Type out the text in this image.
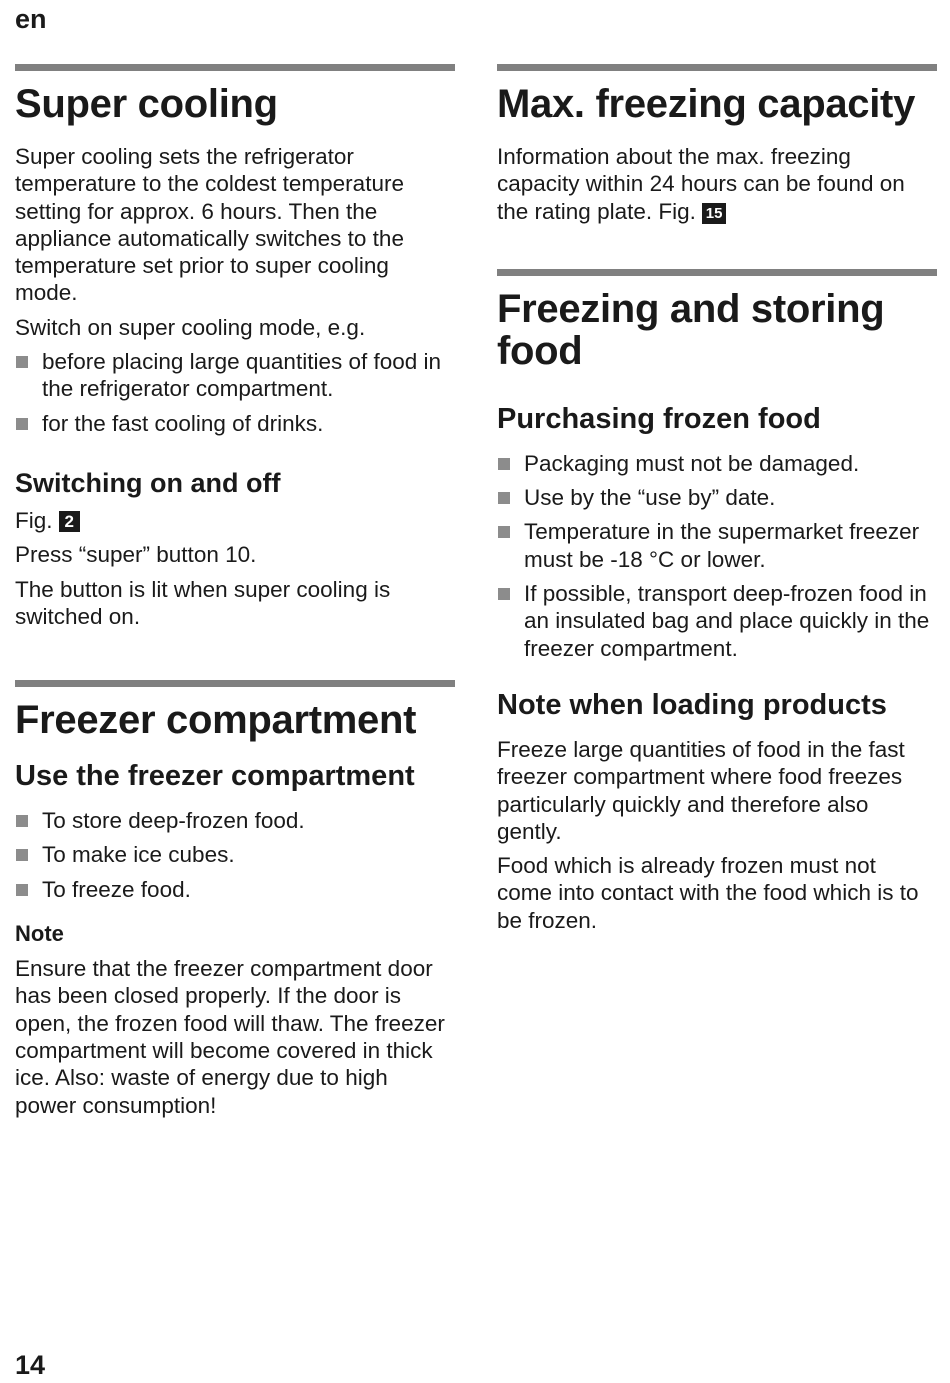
en
Super cooling

Super cooling sets the refrigerator temperature to the coldest temperature setting for approx. 6 hours. Then the appliance automatically switches to the temperature set prior to super cooling mode.

Switch on super cooling mode, e.g.

before placing large quantities of food in the refrigerator compartment.
for the fast cooling of drinks.
Switching on and off

Fig. 2

Press “super” button 10.

The button is lit when super cooling is switched on.

Freezer compartment
Use the freezer compartment
To store deep-frozen food.
To make ice cubes.
To freeze food.
Note

Ensure that the freezer compartment door has been closed properly. If the door is open, the frozen food will thaw. The freezer compartment will become covered in thick ice. Also: waste of energy due to high power consumption!

Max. freezing capacity

Information about the max. freezing capacity within 24 hours can be found on the rating plate. Fig. 15

Freezing and storing food
Purchasing frozen food
Packaging must not be damaged.
Use by the “use by” date.
Temperature in the supermarket freezer must be -18 °C or lower.
If possible, transport deep-frozen food in an insulated bag and place quickly in the freezer compartment.
Note when loading products

Freeze large quantities of food in the fast freezer compartment where food freezes particularly quickly and therefore also gently.

Food which is already frozen must not come into contact with the food which is to be frozen.

14
